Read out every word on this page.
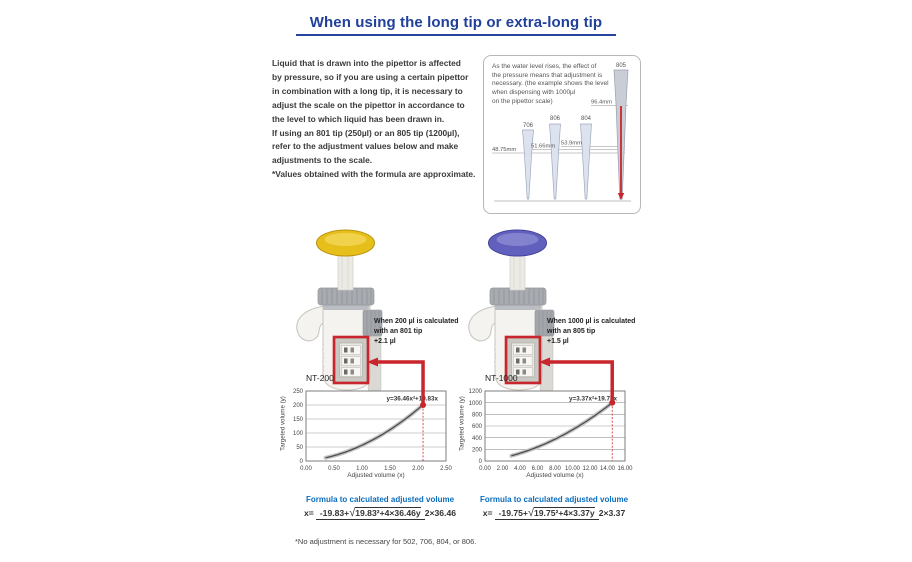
When using the long tip or extra-long tip
Liquid that is drawn into the pipettor is affected
by pressure, so if you are using a certain pipettor
in combination with a long tip, it is necessary to
adjust the scale on the pipettor in accordance to
the level to which liquid has been drawn in.
If using an 801 tip (250µl) or an 805 tip (1200µl),
refer to the adjustment values below and make
adjustments to the scale.
*Values obtained with the formula are approximate.
As the water level rises, the effect of
the pressure means that adjustment is
necessary. (the example shows the level
when dispensing with 1000µl
on the pipettor scale)
706
806	804
805
48.75mm
51.66mm 53.9mm
96.4mm
When 200 µl is calculated
with an 801 tip
+2.1 µl
When 1000 µl is calculated
with an 805 tip
+1.5 µl
NT-200
Targeted volume (y)
0
50
100
150
200
250
0.00	0.50	1.00	1.50	2.00	2.50
y=36.46x²+19.83x
Adjusted volume (x)
NT-1000
Targeted volume (y)
0
200
400
600
800
1000
1200
0.00 2.00 4.00 6.00 8.00 10.00 12.00 14.00 16.00
y=3.37x²+19.75x
Adjusted volume (x)
Formula to calculated adjusted volume
x= -19.83+√19.83²+4×36.46y 2×36.46
Formula to calculated adjusted volume
x= -19.75+√19.75²+4×3.37y 2×3.37
*No adjustment is necessary for 502, 706, 804, or 806.
